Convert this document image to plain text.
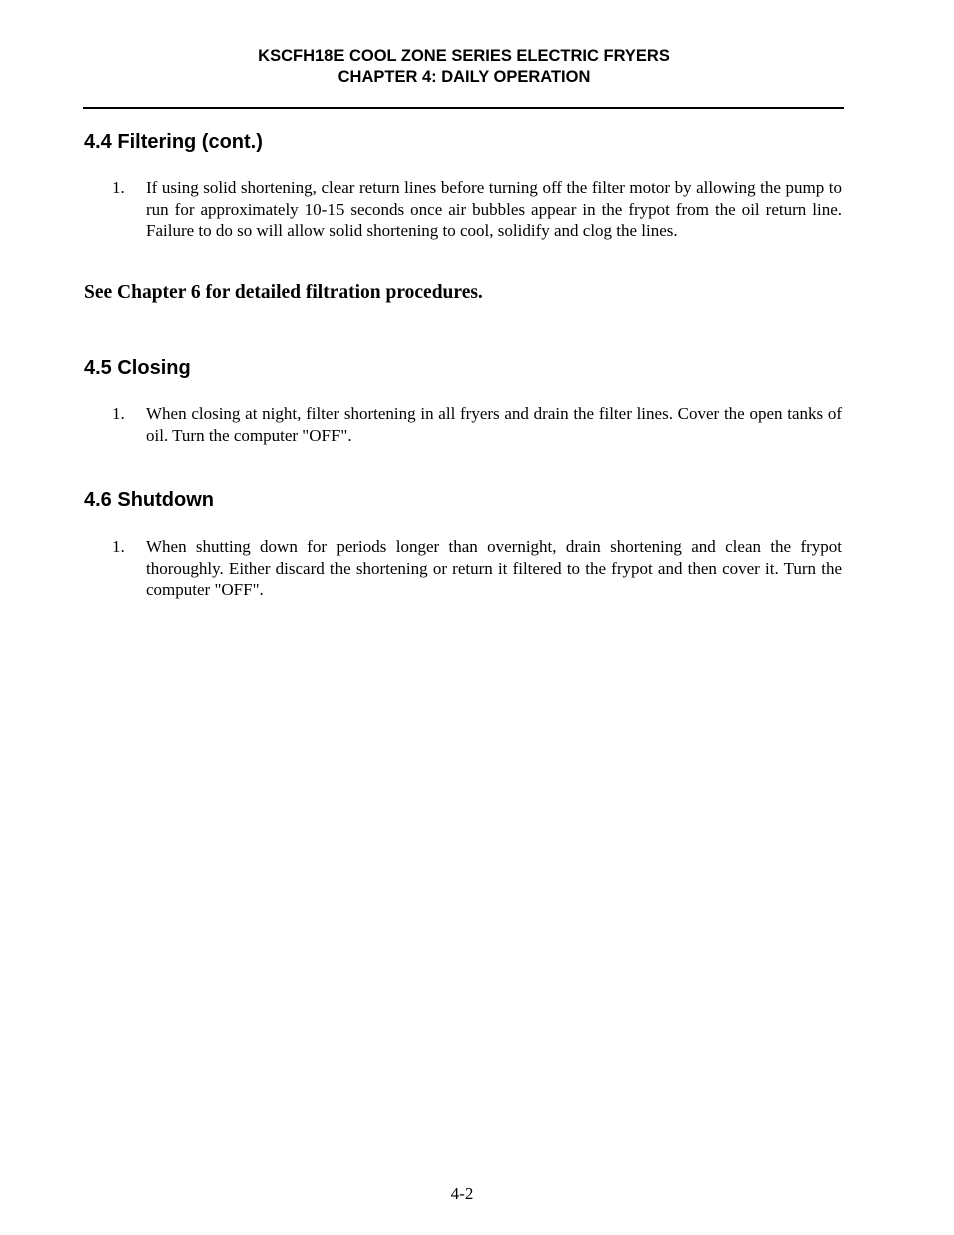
KSCFH18E COOL ZONE SERIES ELECTRIC FRYERS
CHAPTER 4: DAILY OPERATION
4.4 Filtering (cont.)
1.	If using solid shortening, clear return lines before turning off the filter motor by allowing the pump to run for approximately 10-15 seconds once air bubbles appear in the frypot from the oil return line. Failure to do so will allow solid shortening to cool, solidify and clog the lines.
See Chapter 6 for detailed filtration procedures.
4.5 Closing
1.	When closing at night, filter shortening in all fryers and drain the filter lines. Cover the open tanks of oil. Turn the computer "OFF".
4.6 Shutdown
1.	When shutting down for periods longer than overnight, drain shortening and clean the frypot thoroughly. Either discard the shortening or return it filtered to the frypot and then cover it. Turn the computer "OFF".
4-2
